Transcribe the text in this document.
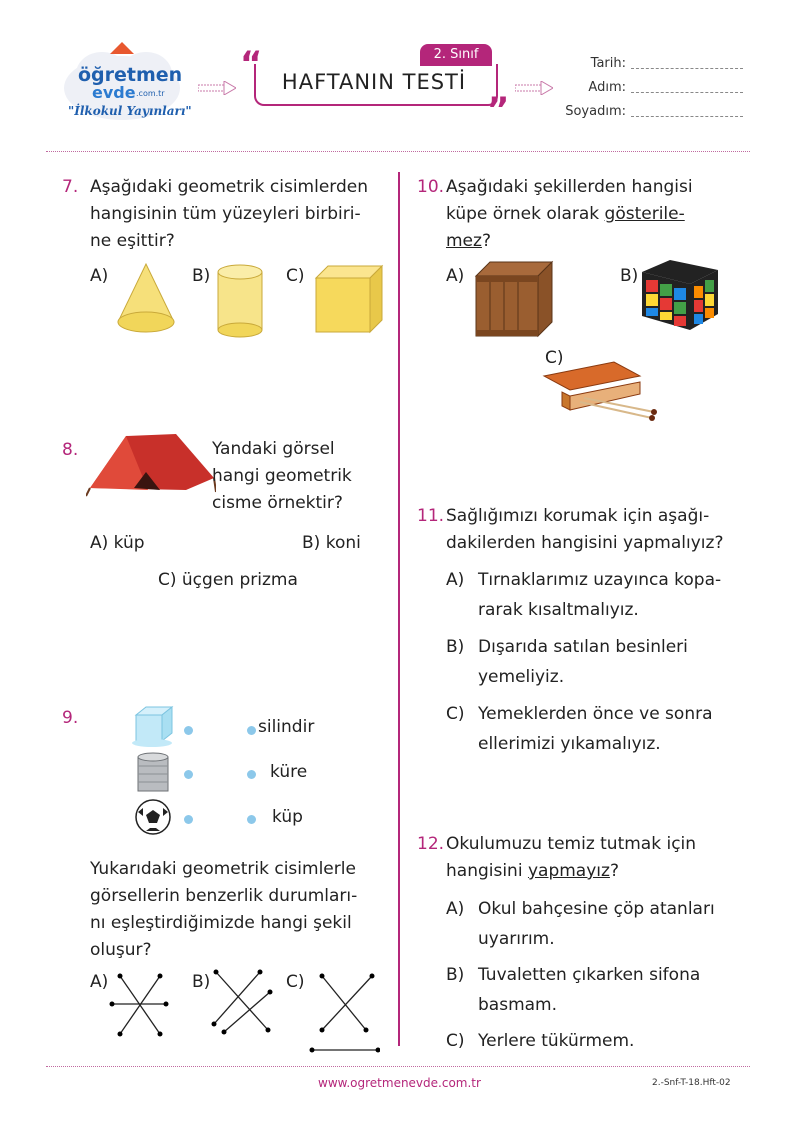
öğretmen
evde .com.tr
"İlkokul Yayınları"
“
”
2. Sınıf
HAFTANIN TESTİ
Tarih:
Adım:
Soyadım:
7. Aşağıdaki geometrik cisimlerden
hangisinin tüm yüzeyleri birbiri-
ne eşittir?
A)	B)	C)
8.	Yandaki görsel
hangi geometrik
cisme örnektir?
A) küp	B) koni
C) üçgen prizma
9.	silindir
küre
küp
Yukarıdaki geometrik cisimlerle
görsellerin benzerlik durumları-
nı eşleştirdiğimizde hangi şekil
oluşur?
A)	B)	C)
10. Aşağıdaki şekillerden hangisi
küpe örnek olarak gösterile-
mez?
A)	B)
C)
11. Sağlığımızı korumak için aşağı-
dakilerden hangisini yapmalıyız?
A) Tırnaklarımız uzayınca kopa-
rarak kısaltmalıyız.
B) Dışarıda satılan besinleri
yemeliyiz.
C) Yemeklerden önce ve sonra
ellerimizi yıkamalıyız.
12. Okulumuzu temiz tutmak için
hangisini yapmayız?
A) Okul bahçesine çöp atanları
uyarırım.
B) Tuvaletten çıkarken sifona
basmam.
C) Yerlere tükürmem.
www.ogretmenevde.com.tr	2.-Snf-T-18.Hft-02
